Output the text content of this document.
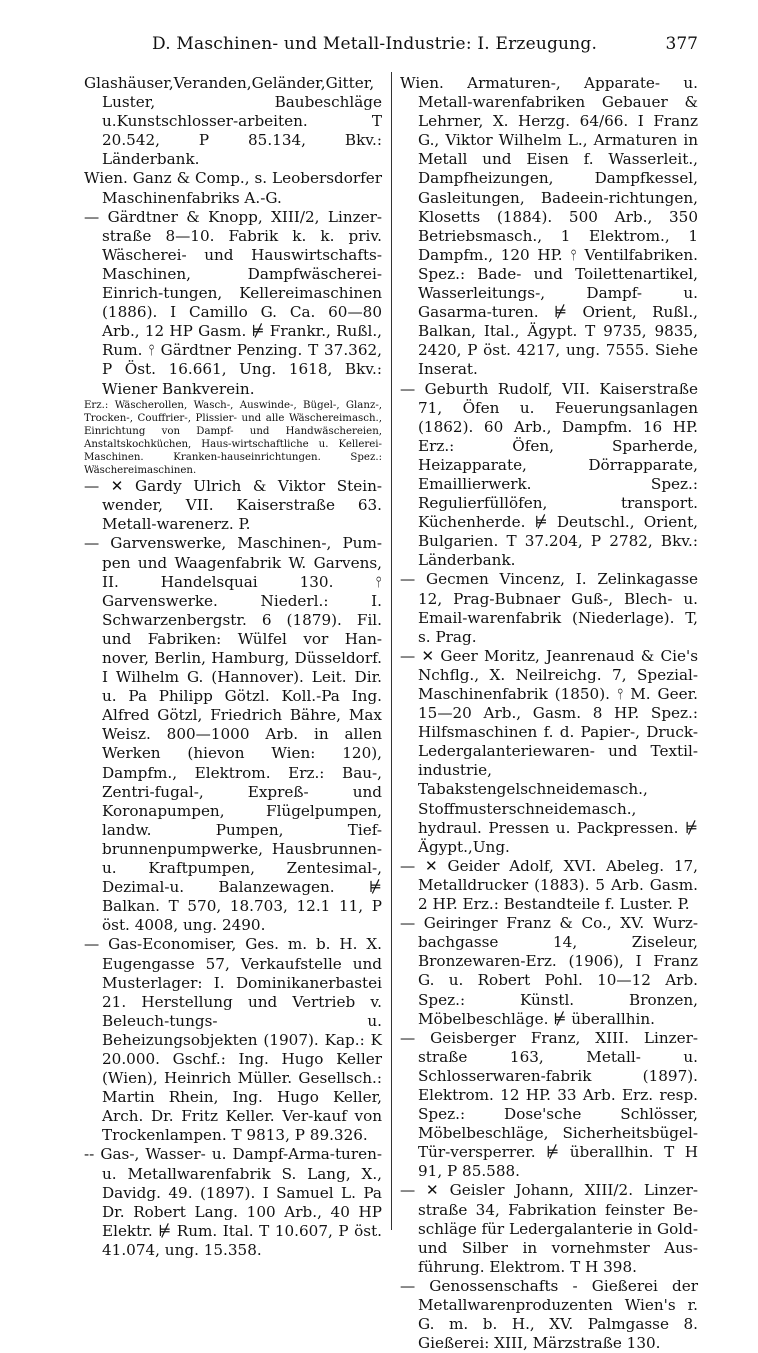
D. Maschinen- und Metall-Industrie: I. Erzeugung.	377

Glashäuser,Veranden,Geländer,Gitter, Luster, Baubeschläge u.Kunstschlosser-arbeiten. T 20.542, P 85.134, Bkv.: Länderbank.

Wien. Ganz & Comp., s. Leobersdorfer Maschinenfabriks A.-G.

— Gärdtner & Knopp, XIII/2, Linzer-straße 8—10. Fabrik k. k. priv. Wäscherei- und Hauswirtschafts-Maschinen, Dampfwäscherei-Einrich-tungen, Kellereimaschinen (1886). I Camillo G. Ca. 60—80 Arb., 12 HP Gasm. ⊭ Frankr., Rußl., Rum. ⫯ Gärdtner Penzing. T 37.362, P Öst. 16.661, Ung. 1618, Bkv.: Wiener Bankverein.

Erz.: Wäscherollen, Wasch-, Auswinde-, Bügel-, Glanz-, Trocken-, Couffrier-, Plissier- und alle Wäschereimasch., Einrichtung von Dampf- und Handwäschereien, Anstaltskochküchen, Haus-wirtschaftliche u. Kellerei-Maschinen. Kranken-hauseinrichtungen. Spez.: Wäschereimaschinen.

— ✕ Gardy Ulrich & Viktor Stein-wender, VII. Kaiserstraße 63. Metall-warenerz. P.

— Garvenswerke, Maschinen-, Pum-pen und Waagenfabrik W. Garvens, II. Handelsquai 130. ⫯ Garvenswerke. Niederl.: I. Schwarzenbergstr. 6 (1879). Fil. und Fabriken: Wülfel vor Han-nover, Berlin, Hamburg, Düsseldorf. I Wilhelm G. (Hannover). Leit. Dir. u. Pa Philipp Götzl. Koll.-Pa Ing. Alfred Götzl, Friedrich Bähre, Max Weisz. 800—1000 Arb. in allen Werken (hievon Wien: 120), Dampfm., Elektrom. Erz.: Bau-, Zentri-fugal-, Expreß- und Koronapumpen, Flügelpumpen, landw. Pumpen, Tief-brunnenpumpwerke, Hausbrunnen- u. Kraftpumpen, Zentesimal-, Dezimal-u. Balanzewagen. ⊭ Balkan. T 570, 18.703, 12.1 11, P öst. 4008, ung. 2490.

— Gas-Economiser, Ges. m. b. H. X. Eugengasse 57, Verkaufstelle und Musterlager: I. Dominikanerbastei 21. Herstellung und Vertrieb v. Beleuch-tungs- u. Beheizungsobjekten (1907). Kap.: K 20.000. Gschf.: Ing. Hugo Keller (Wien), Heinrich Müller. Gesellsch.: Martin Rhein, Ing. Hugo Keller, Arch. Dr. Fritz Keller. Ver-kauf von Trockenlampen. T 9813, P 89.326.

-- Gas-, Wasser- u. Dampf-Arma-turen- u. Metallwarenfabrik S. Lang, X., Davidg. 49. (1897). I Samuel L. Pa Dr. Robert Lang. 100 Arb., 40 HP Elektr. ⊭ Rum. Ital. T 10.607, P öst. 41.074, ung. 15.358.

Wien. Armaturen-, Apparate- u. Metall-warenfabriken Gebauer & Lehrner, X. Herzg. 64/66. I Franz G., Viktor Wilhelm L., Armaturen in Metall und Eisen f. Wasserleit., Dampfheizungen, Dampfkessel, Gasleitungen, Badeein-richtungen, Klosetts (1884). 500 Arb., 350 Betriebsmasch., 1 Elektrom., 1 Dampfm., 120 HP. ⫯ Ventilfabriken. Spez.: Bade- und Toilettenartikel, Wasserleitungs-, Dampf- u. Gasarma-turen. ⊭ Orient, Rußl., Balkan, Ital., Ägypt. T 9735, 9835, 2420, P öst. 4217, ung. 7555. Siehe Inserat.

— Geburth Rudolf, VII. Kaiserstraße 71, Öfen u. Feuerungsanlagen (1862). 60 Arb., Dampfm. 16 HP. Erz.: Öfen, Sparherde, Heizapparate, Dörrapparate, Emaillierwerk. Spez.: Regulierfüllöfen, transport. Küchenherde. ⊭ Deutschl., Orient, Bulgarien. T 37.204, P 2782, Bkv.: Länderbank.

— Gecmen Vincenz, I. Zelinkagasse 12, Prag-Bubnaer Guß-, Blech- u. Email-warenfabrik (Niederlage). T, s. Prag.

— ✕ Geer Moritz, Jeanrenaud & Cie's Nchflg., X. Neilreichg. 7, Spezial-Maschinenfabrik (1850). ⫯ M. Geer. 15—20 Arb., Gasm. 8 HP. Spez.: Hilfsmaschinen f. d. Papier-, Druck-Ledergalanteriewaren- und Textil-industrie, Tabakstengelschneidemasch., Stoffmusterschneidemasch., hydraul. Pressen u. Packpressen. ⊭ Ägypt.,Ung.

— ✕ Geider Adolf, XVI. Abeleg. 17, Metalldrucker (1883). 5 Arb. Gasm. 2 HP. Erz.: Bestandteile f. Luster. P.

— Geiringer Franz & Co., XV. Wurz-bachgasse 14, Ziseleur, Bronzewaren-Erz. (1906), I Franz G. u. Robert Pohl. 10—12 Arb. Spez.: Künstl. Bronzen, Möbelbeschläge. ⊭ überallhin.

— Geisberger Franz, XIII. Linzer-straße 163, Metall- u. Schlosserwaren-fabrik (1897). Elektrom. 12 HP. 33 Arb. Erz. resp. Spez.: Dose'sche Schlösser, Möbelbeschläge, Sicherheitsbügel-Tür-versperrer. ⊭ überallhin. T H 91, P 85.588.

— ✕ Geisler Johann, XIII/2. Linzer-straße 34, Fabrikation feinster Be-schläge für Ledergalanterie in Gold-und Silber in vornehmster Aus-führung. Elektrom. T H 398.

— Genossenschafts - Gießerei der Metallwarenproduzenten Wien's r. G. m. b. H., XV. Palmgasse 8. Gießerei: XIII, Märzstraße 130.
